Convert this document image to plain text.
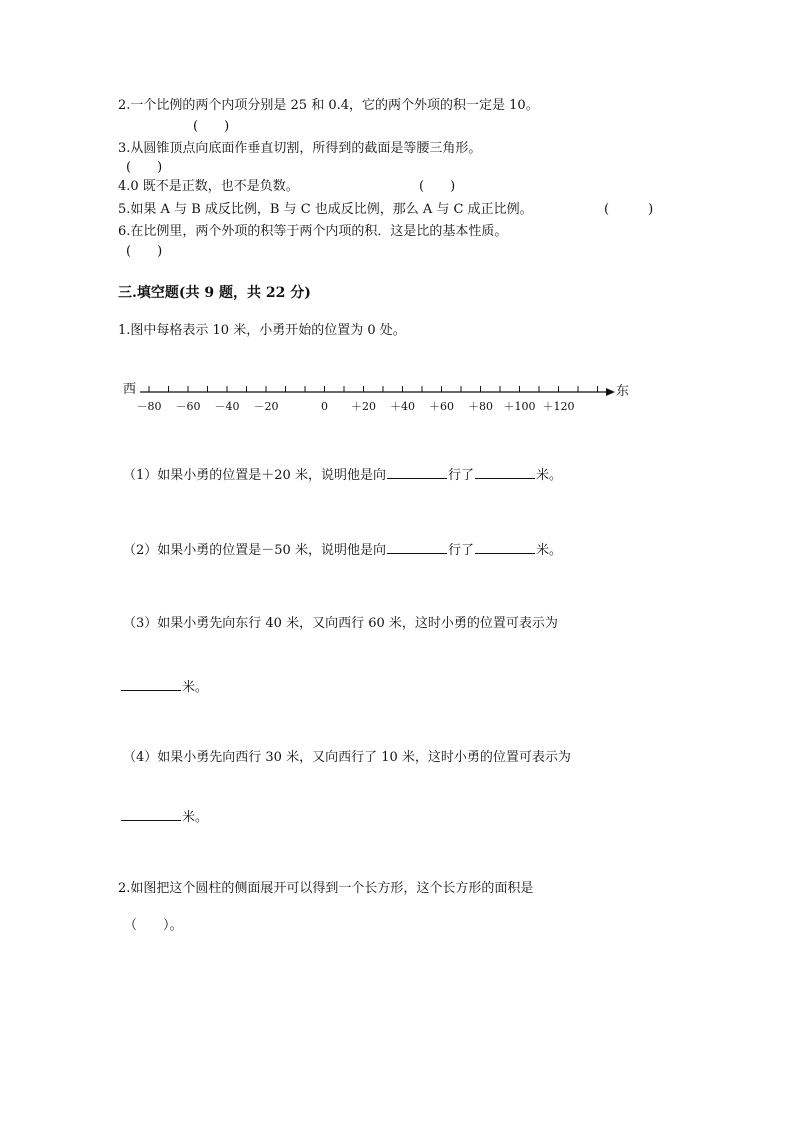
2.一个比例的两个内项分别是 25 和 0.4，它的两个外项的积一定是 10。
(　　)
3.从圆锥顶点向底面作垂直切割，所得到的截面是等腰三角形。
(　　)
4.0 既不是正数，也不是负数。	(　　)
5.如果 A 与 B 成反比例，B 与 C 也成反比例，那么 A 与 C 成正比例。	(　　　)
6.在比例里，两个外项的积等于两个内项的积．这是比的基本性质。
(　　)
三.填空题(共 9 题，共 22 分)
1.图中每格表示 10 米，小勇开始的位置为 0 处。
西	东
－80 －60 －40 －20	0 ＋20 ＋40 ＋60 ＋80 ＋100 ＋120
（1）如果小勇的位置是＋20 米，说明他是向	行了	米。
（2）如果小勇的位置是－50 米，说明他是向	行了	米。
（3）如果小勇先向东行 40 米，又向西行 60 米，这时小勇的位置可表示为
米。
（4）如果小勇先向西行 30 米，又向西行了 10 米，这时小勇的位置可表示为
米。
2.如图把这个圆柱的侧面展开可以得到一个长方形，这个长方形的面积是
（　　）。
